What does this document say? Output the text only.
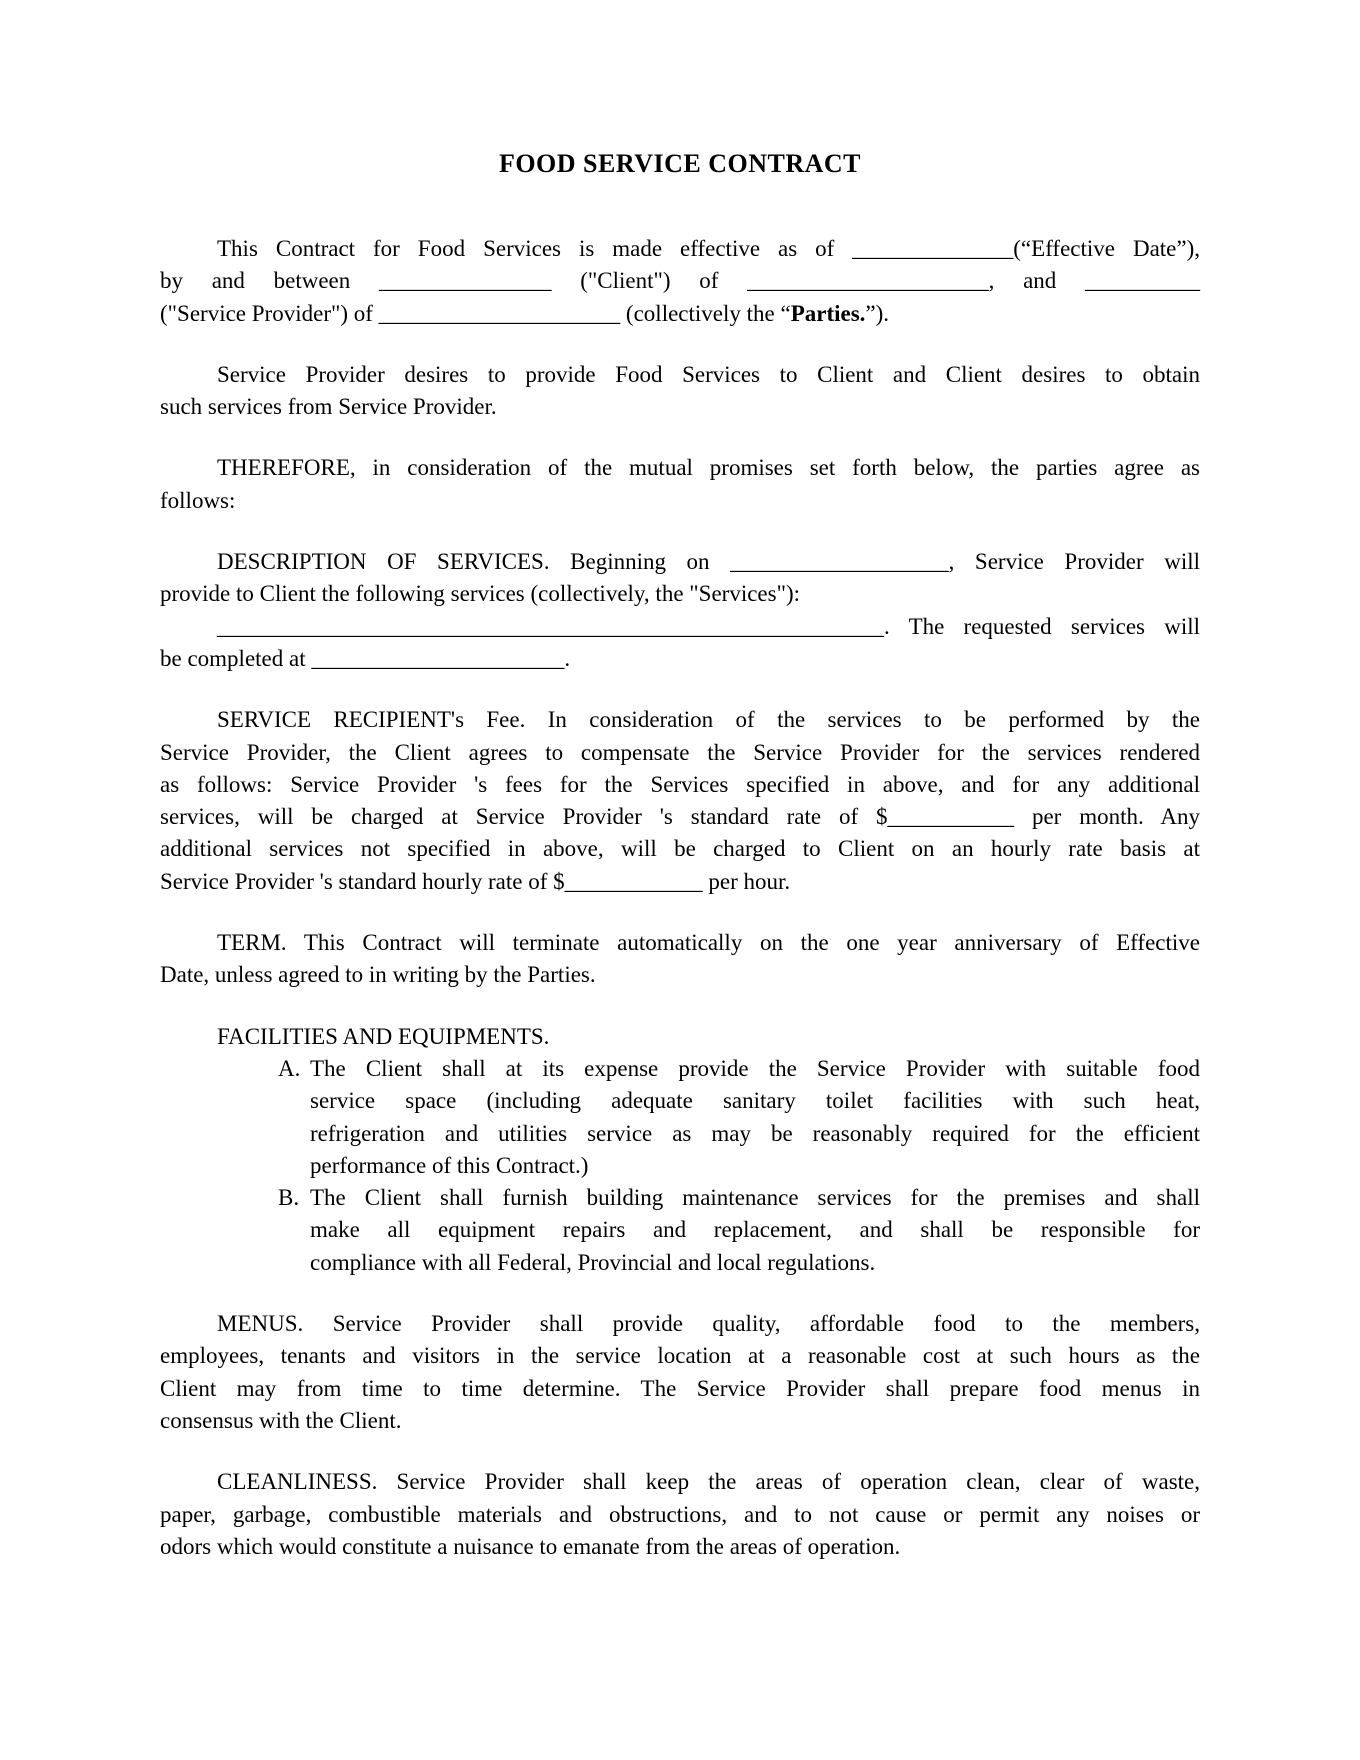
FOOD SERVICE CONTRACT
This Contract for Food Services is made effective as of ______________(“Effective Date”),
by and between _______________ ("Client") of _____________________, and __________
("Service Provider") of _____________________ (collectively the “Parties.”).
Service Provider desires to provide Food Services to Client and Client desires to obtain
such services from Service Provider.
THEREFORE, in consideration of the mutual promises set forth below, the parties agree as
follows:
DESCRIPTION OF SERVICES. Beginning on ___________________, Service Provider will
provide to Client the following services (collectively, the "Services"):
__________________________________________________________. The requested services will
be completed at ______________________.
SERVICE RECIPIENT's Fee. In consideration of the services to be performed by the
Service Provider, the Client agrees to compensate the Service Provider for the services rendered
as follows: Service Provider 's fees for the Services specified in above, and for any additional
services, will be charged at Service Provider 's standard rate of $___________ per month. Any
additional services not specified in above, will be charged to Client on an hourly rate basis at
Service Provider 's standard hourly rate of $____________ per hour.
TERM. This Contract will terminate automatically on the one year anniversary of Effective
Date, unless agreed to in writing by the Parties.
FACILITIES AND EQUIPMENTS.
A. The Client shall at its expense provide the Service Provider with suitable food
service space (including adequate sanitary toilet facilities with such heat,
refrigeration and utilities service as may be reasonably required for the efficient
performance of this Contract.)
B. The Client shall furnish building maintenance services for the premises and shall
make all equipment repairs and replacement, and shall be responsible for
compliance with all Federal, Provincial and local regulations.
MENUS. Service Provider shall provide quality, affordable food to the members,
employees, tenants and visitors in the service location at a reasonable cost at such hours as the
Client may from time to time determine. The Service Provider shall prepare food menus in
consensus with the Client.
CLEANLINESS. Service Provider shall keep the areas of operation clean, clear of waste,
paper, garbage, combustible materials and obstructions, and to not cause or permit any noises or
odors which would constitute a nuisance to emanate from the areas of operation.
